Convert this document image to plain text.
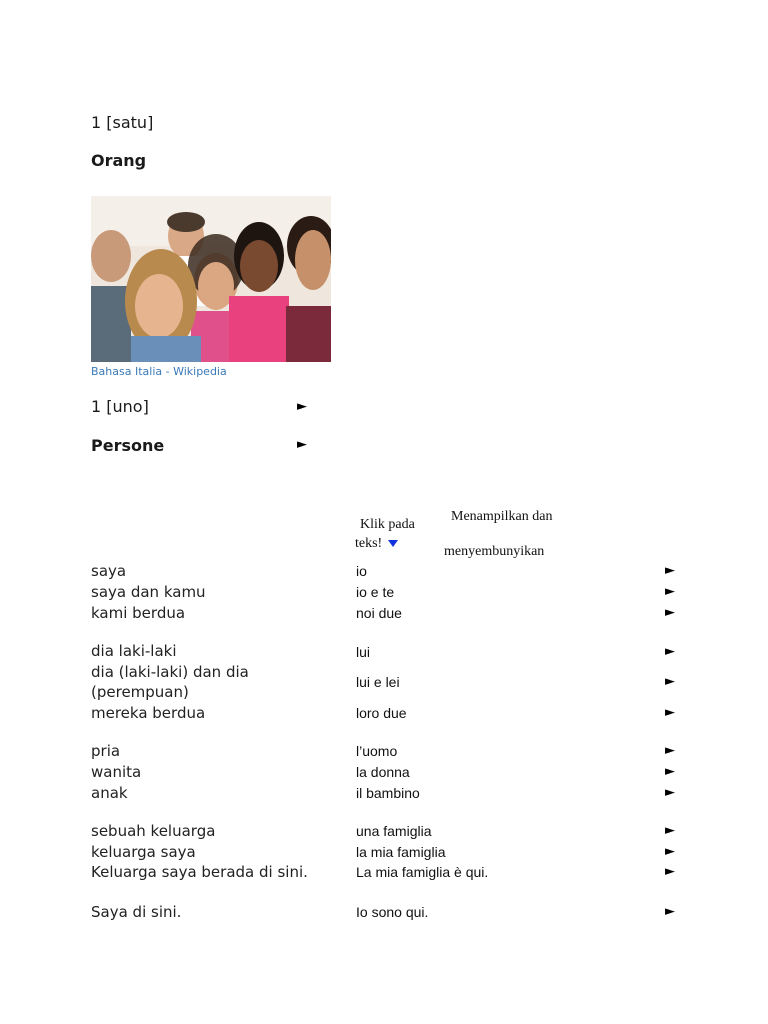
1 [satu]
Orang
Bahasa Italia - Wikipedia
1 [uno]	►
Persone	►
Klik pada
teks!
Menampilkan dan
menyembunyikan
saya	io	►
saya dan kamu	io e te	►
kami berdua	noi due	►
dia laki-laki	lui	►
dia (laki-laki) dan dia
(perempuan)
lui e lei	►
mereka berdua	loro due	►
pria	l’uomo	►
wanita	la donna	►
anak	il bambino	►
sebuah keluarga	una famiglia	►
keluarga saya	la mia famiglia	►
Keluarga saya berada di sini.	La mia famiglia è qui.	►
Saya di sini.	Io sono qui.	►
